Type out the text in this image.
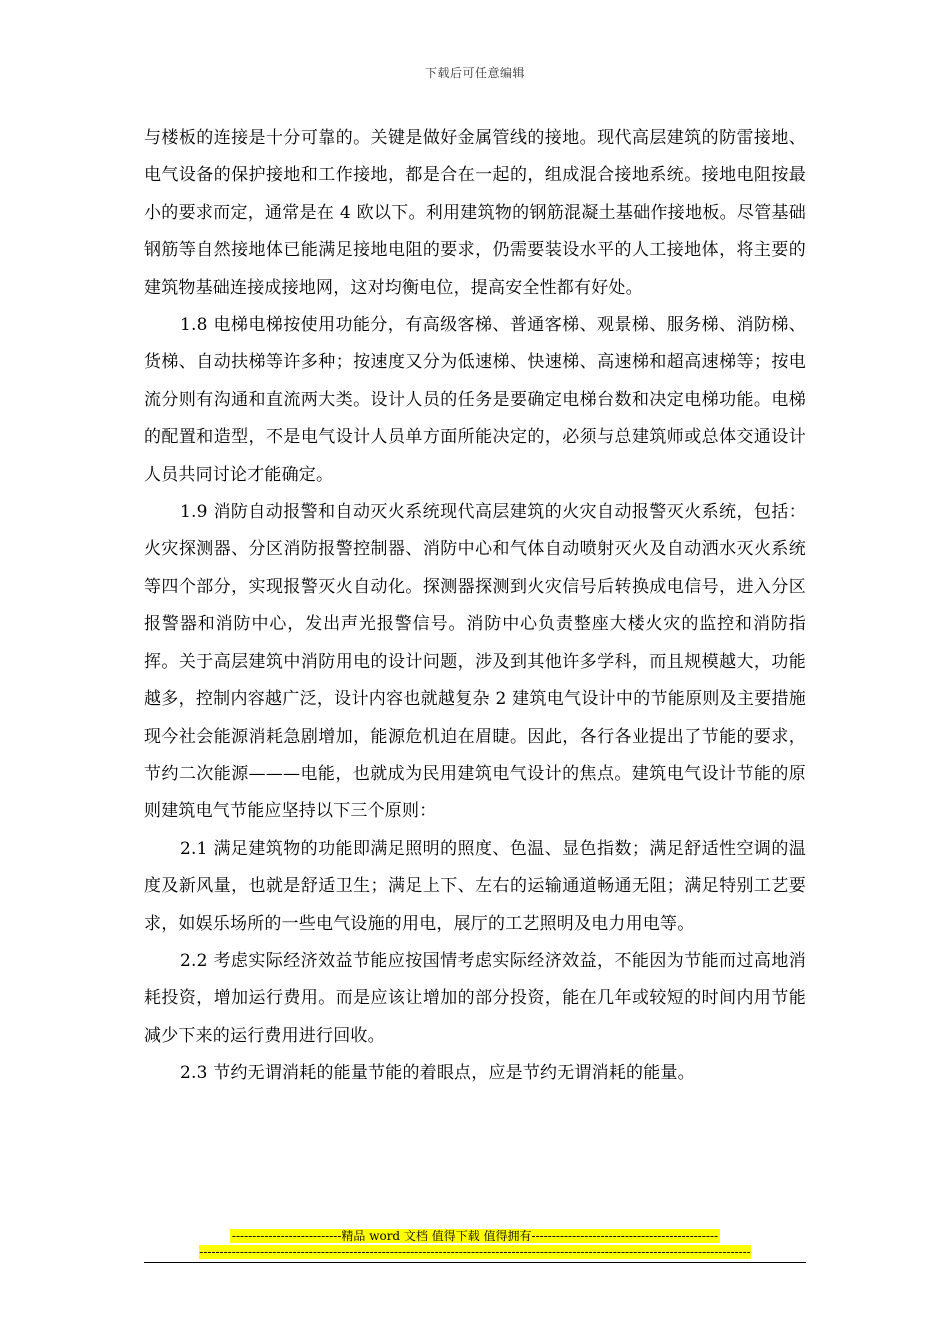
下载后可任意编辑

与楼板的连接是十分可靠的。关键是做好金属管线的接地。现代高层建筑的防雷接地、电气设备的保护接地和工作接地，都是合在一起的，组成混合接地系统。接地电阻按最小的要求而定，通常是在 4 欧以下。利用建筑物的钢筋混凝土基础作接地板。尽管基础钢筋等自然接地体已能满足接地电阻的要求，仍需要装设水平的人工接地体，将主要的建筑物基础连接成接地网，这对均衡电位，提高安全性都有好处。

1.8 电梯电梯按使用功能分，有高级客梯、普通客梯、观景梯、服务梯、消防梯、货梯、自动扶梯等许多种；按速度又分为低速梯、快速梯、高速梯和超高速梯等；按电流分则有沟通和直流两大类。设计人员的任务是要确定电梯台数和决定电梯功能。电梯的配置和造型，不是电气设计人员单方面所能决定的，必须与总建筑师或总体交通设计人员共同讨论才能确定。

1.9 消防自动报警和自动灭火系统现代高层建筑的火灾自动报警灭火系统，包括：火灾探测器、分区消防报警控制器、消防中心和气体自动喷射灭火及自动洒水灭火系统等四个部分，实现报警灭火自动化。探测器探测到火灾信号后转换成电信号，进入分区报警器和消防中心，发出声光报警信号。消防中心负责整座大楼火灾的监控和消防指挥。关于高层建筑中消防用电的设计问题，涉及到其他许多学科，而且规模越大，功能越多，控制内容越广泛，设计内容也就越复杂 2 建筑电气设计中的节能原则及主要措施现今社会能源消耗急剧增加，能源危机迫在眉睫。因此，各行各业提出了节能的要求，节约二次能源———电能，也就成为民用建筑电气设计的焦点。建筑电气设计节能的原则建筑电气节能应坚持以下三个原则：

2.1 满足建筑物的功能即满足照明的照度、色温、显色指数；满足舒适性空调的温度及新风量，也就是舒适卫生；满足上下、左右的运输通道畅通无阻；满足特别工艺要求，如娱乐场所的一些电气设施的用电，展厅的工艺照明及电力用电等。

2.2 考虑实际经济效益节能应按国情考虑实际经济效益，不能因为节能而过高地消耗投资，增加运行费用。而是应该让增加的部分投资，能在几年或较短的时间内用节能减少下来的运行费用进行回收。

2.3 节约无谓消耗的能量节能的着眼点，应是节约无谓消耗的能量。

---------------------------精品 word 文档 值得下载 值得拥有----------------------------------------------
----------------------------------------------------------------------------------------------------------------------------------------
